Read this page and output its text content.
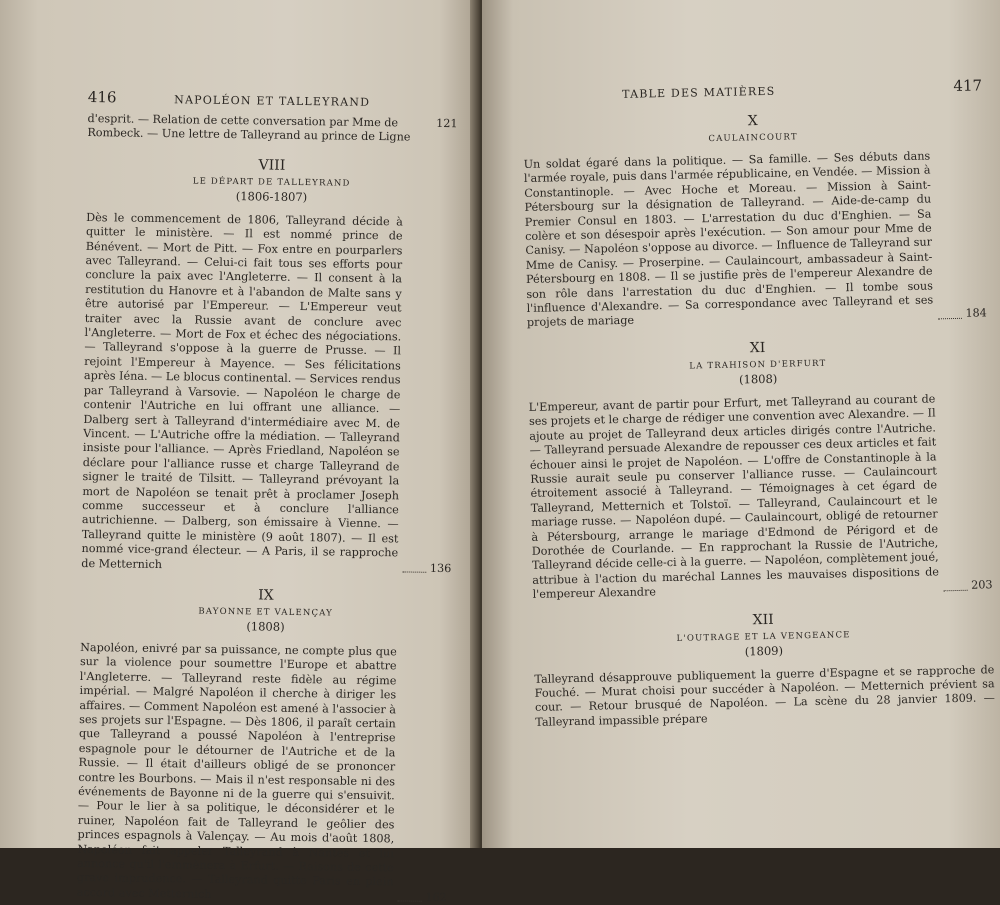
416	NAPOLÉON ET TALLEYRAND
d'esprit. — Relation de cette conversation par Mme de Rombeck. — Une lettre de Talleyrand au prince de Ligne
121
VIII
LE DÉPART DE TALLEYRAND
(1806-1807)
Dès le commencement de 1806, Talleyrand décide à quitter le ministère. — Il est nommé prince de Bénévent. — Mort de Pitt. — Fox entre en pourparlers avec Talleyrand. — Celui-ci fait tous ses efforts pour conclure la paix avec l'Angleterre. — Il consent à la restitution du Hanovre et à l'abandon de Malte sans y être autorisé par l'Empereur. — L'Empereur veut traiter avec la Russie avant de conclure avec l'Angleterre. — Mort de Fox et échec des négociations. — Talleyrand s'oppose à la guerre de Prusse. — Il rejoint l'Empereur à Mayence. — Ses félicitations après Iéna. — Le blocus continental. — Services rendus par Talleyrand à Varsovie. — Napoléon le charge de contenir l'Autriche en lui offrant une alliance. — Dalberg sert à Talleyrand d'intermédiaire avec M. de Vincent. — L'Autriche offre la médiation. — Talleyrand insiste pour l'alliance. — Après Friedland, Napoléon se déclare pour l'alliance russe et charge Talleyrand de signer le traité de Tilsitt. — Talleyrand prévoyant la mort de Napoléon se tenait prêt à proclamer Joseph comme successeur et à conclure l'alliance autrichienne. — Dalberg, son émissaire à Vienne. — Talleyrand quitte le ministère (9 août 1807). — Il est nommé vice-grand électeur. — A Paris, il se rapproche de Metternich	136
IX
BAYONNE ET VALENÇAY
(1808)
Napoléon, enivré par sa puissance, ne compte plus que sur la violence pour soumettre l'Europe et abattre l'Angleterre. — Talleyrand reste fidèle au régime impérial. — Malgré Napoléon il cherche à diriger les affaires. — Comment Napoléon est amené à l'associer à ses projets sur l'Espagne. — Dès 1806, il paraît certain que Talleyrand a poussé Napoléon à l'entreprise espagnole pour le détourner de l'Autriche et de la Russie. — Il était d'ailleurs obligé de se prononcer contre les Bourbons. — Mais il n'est responsable ni des événements de Bayonne ni de la guerre qui s'ensuivit. — Pour le lier à sa politique, le déconsidérer et le ruiner, Napoléon fait de Talleyrand le geôlier des princes espagnols à Valençay. — Au mois d'août 1808, Napoléon fait appeler Talleyrand à Nantes et lui annonce qu'il l'emmènera à Erfurt. — Raisons de cette grave imprudence. — Talleyrand quitte Paris en plein accord avec Metternich	162
TABLE DES MATIÈRES	417
X
CAULAINCOURT
Un soldat égaré dans la politique. — Sa famille. — Ses débuts dans l'armée royale, puis dans l'armée républicaine, en Vendée. — Mission à Constantinople. — Avec Hoche et Moreau. — Mission à Saint-Pétersbourg sur la désignation de Talleyrand. — Aide-de-camp du Premier Consul en 1803. — L'arrestation du duc d'Enghien. — Sa colère et son désespoir après l'exécution. — Son amour pour Mme de Canisy. — Napoléon s'oppose au divorce. — Influence de Talleyrand sur Mme de Canisy. — Proserpine. — Caulaincourt, ambassadeur à Saint-Pétersbourg en 1808. — Il se justifie près de l'empereur Alexandre de son rôle dans l'arrestation du duc d'Enghien. — Il tombe sous l'influence d'Alexandre. — Sa correspondance avec Talleyrand et ses projets de mariage
184
XI
LA TRAHISON D'ERFURT
(1808)
L'Empereur, avant de partir pour Erfurt, met Talleyrand au courant de ses projets et le charge de rédiger une convention avec Alexandre. — Il ajoute au projet de Talleyrand deux articles dirigés contre l'Autriche. — Talleyrand persuade Alexandre de repousser ces deux articles et fait échouer ainsi le projet de Napoléon. — L'offre de Constantinople à la Russie aurait seule pu conserver l'alliance russe. — Caulaincourt étroitement associé à Talleyrand. — Témoignages à cet égard de Talleyrand, Metternich et Tolstoï. — Talleyrand, Caulaincourt et le mariage russe. — Napoléon dupé. — Caulaincourt, obligé de retourner à Pétersbourg, arrange le mariage d'Edmond de Périgord et de Dorothée de Courlande. — En rapprochant la Russie de l'Autriche, Talleyrand décide celle-ci à la guerre. — Napoléon, complètement joué, attribue à l'action du maréchal Lannes les mauvaises dispositions de l'empereur Alexandre
203
XII
L'OUTRAGE ET LA VENGEANCE
(1809)

Talleyrand désapprouve publiquement la guerre d'Espagne et se rapproche de Fouché. — Murat choisi pour succéder à Napoléon. — Metternich prévient sa cour. — Retour brusqué de Napoléon. — La scène du 28 janvier 1809. — Talleyrand impassible prépare
